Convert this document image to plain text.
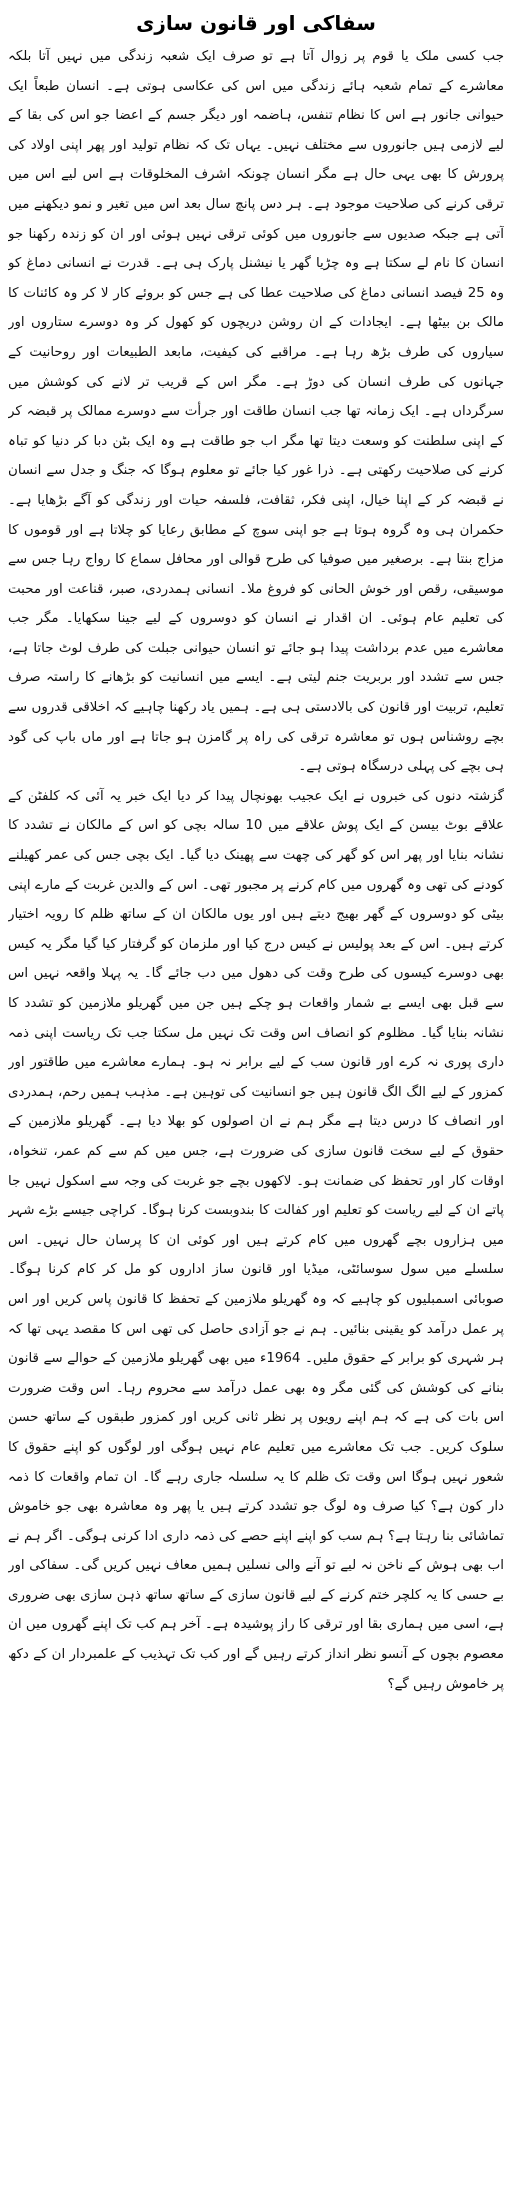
سفاکی اور قانون سازی

جب کسی ملک یا قوم پر زوال آتا ہے تو صرف ایک شعبہ زندگی میں نہیں آتا بلکہ معاشرے کے تمام شعبہ ہائے زندگی میں اس کی عکاسی ہوتی ہے۔ انسان طبعاً ایک حیوانی جانور ہے اس کا نظام تنفس، ہاضمہ اور دیگر جسم کے اعضا جو اس کی بقا کے لیے لازمی ہیں جانوروں سے مختلف نہیں۔ یہاں تک کہ نظام تولید اور پھر اپنی اولاد کی پرورش کا بھی یہی حال ہے مگر انسان چونکہ اشرف المخلوقات ہے اس لیے اس میں ترقی کرنے کی صلاحیت موجود ہے۔ ہر دس پانچ سال بعد اس میں تغیر و نمو دیکھنے میں آتی ہے جبکہ صدیوں سے جانوروں میں کوئی ترقی نہیں ہوئی اور ان کو زندہ رکھنا جو انسان کا نام لے سکتا ہے وہ چڑیا گھر یا نیشنل پارک ہی ہے۔ قدرت نے انسانی دماغ کو وہ 25 فیصد انسانی دماغ کی صلاحیت عطا کی ہے جس کو بروئے کار لا کر وہ کائنات کا مالک بن بیٹھا ہے۔ ایجادات کے ان روشن دریچوں کو کھول کر وہ دوسرے ستاروں اور سیاروں کی طرف بڑھ رہا ہے۔ مراقبے کی کیفیت، مابعد الطبیعات اور روحانیت کے جہانوں کی طرف انسان کی دوڑ ہے۔ مگر اس کے قریب تر لانے کی کوشش میں سرگرداں ہے۔ ایک زمانہ تھا جب انسان طاقت اور جرأت سے دوسرے ممالک پر قبضہ کر کے اپنی سلطنت کو وسعت دیتا تھا مگر اب جو طاقت ہے وہ ایک بٹن دبا کر دنیا کو تباہ کرنے کی صلاحیت رکھتی ہے۔ ذرا غور کیا جائے تو معلوم ہوگا کہ جنگ و جدل سے انسان نے قبضہ کر کے اپنا خیال، اپنی فکر، ثقافت، فلسفہ حیات اور زندگی کو آگے بڑھایا ہے۔ حکمران ہی وہ گروہ ہوتا ہے جو اپنی سوچ کے مطابق رعایا کو چلاتا ہے اور قوموں کا مزاج بنتا ہے۔ برصغیر میں صوفیا کی طرح قوالی اور محافل سماع کا رواج رہا جس سے موسیقی، رقص اور خوش الحانی کو فروغ ملا۔ انسانی ہمدردی، صبر، قناعت اور محبت کی تعلیم عام ہوئی۔ ان اقدار نے انسان کو دوسروں کے لیے جینا سکھایا۔ مگر جب معاشرے میں عدم برداشت پیدا ہو جائے تو انسان حیوانی جبلت کی طرف لوٹ جاتا ہے، جس سے تشدد اور بربریت جنم لیتی ہے۔ ایسے میں انسانیت کو بڑھانے کا راستہ صرف تعلیم، تربیت اور قانون کی بالادستی ہی ہے۔ ہمیں یاد رکھنا چاہیے کہ اخلاقی قدروں سے بچے روشناس ہوں تو معاشرہ ترقی کی راہ پر گامزن ہو جاتا ہے اور ماں باپ کی گود ہی بچے کی پہلی درسگاہ ہوتی ہے۔

گزشتہ دنوں کی خبروں نے ایک عجیب بھونچال پیدا کر دیا ایک خبر یہ آئی کہ کلفٹن کے علاقے بوٹ بیسن کے ایک پوش علاقے میں 10 سالہ بچی کو اس کے مالکان نے تشدد کا نشانہ بنایا اور پھر اس کو گھر کی چھت سے پھینک دیا گیا۔ ایک بچی جس کی عمر کھیلنے کودنے کی تھی وہ گھروں میں کام کرنے پر مجبور تھی۔ اس کے والدین غربت کے مارے اپنی بیٹی کو دوسروں کے گھر بھیج دیتے ہیں اور یوں مالکان ان کے ساتھ ظلم کا رویہ اختیار کرتے ہیں۔ اس کے بعد پولیس نے کیس درج کیا اور ملزمان کو گرفتار کیا گیا مگر یہ کیس بھی دوسرے کیسوں کی طرح وقت کی دھول میں دب جائے گا۔ یہ پہلا واقعہ نہیں اس سے قبل بھی ایسے بے شمار واقعات ہو چکے ہیں جن میں گھریلو ملازمین کو تشدد کا نشانہ بنایا گیا۔ مظلوم کو انصاف اس وقت تک نہیں مل سکتا جب تک ریاست اپنی ذمہ داری پوری نہ کرے اور قانون سب کے لیے برابر نہ ہو۔ ہمارے معاشرے میں طاقتور اور کمزور کے لیے الگ الگ قانون ہیں جو انسانیت کی توہین ہے۔ مذہب ہمیں رحم، ہمدردی اور انصاف کا درس دیتا ہے مگر ہم نے ان اصولوں کو بھلا دیا ہے۔ گھریلو ملازمین کے حقوق کے لیے سخت قانون سازی کی ضرورت ہے، جس میں کم سے کم عمر، تنخواہ، اوقات کار اور تحفظ کی ضمانت ہو۔ لاکھوں بچے جو غربت کی وجہ سے اسکول نہیں جا پاتے ان کے لیے ریاست کو تعلیم اور کفالت کا بندوبست کرنا ہوگا۔ کراچی جیسے بڑے شہر میں ہزاروں بچے گھروں میں کام کرتے ہیں اور کوئی ان کا پرسان حال نہیں۔ اس سلسلے میں سول سوسائٹی، میڈیا اور قانون ساز اداروں کو مل کر کام کرنا ہوگا۔ صوبائی اسمبلیوں کو چاہیے کہ وہ گھریلو ملازمین کے تحفظ کا قانون پاس کریں اور اس پر عمل درآمد کو یقینی بنائیں۔ ہم نے جو آزادی حاصل کی تھی اس کا مقصد یہی تھا کہ ہر شہری کو برابر کے حقوق ملیں۔ 1964ء میں بھی گھریلو ملازمین کے حوالے سے قانون بنانے کی کوشش کی گئی مگر وہ بھی عمل درآمد سے محروم رہا۔ اس وقت ضرورت اس بات کی ہے کہ ہم اپنے رویوں پر نظر ثانی کریں اور کمزور طبقوں کے ساتھ حسن سلوک کریں۔ جب تک معاشرے میں تعلیم عام نہیں ہوگی اور لوگوں کو اپنے حقوق کا شعور نہیں ہوگا اس وقت تک ظلم کا یہ سلسلہ جاری رہے گا۔ ان تمام واقعات کا ذمہ دار کون ہے؟ کیا صرف وہ لوگ جو تشدد کرتے ہیں یا پھر وہ معاشرہ بھی جو خاموش تماشائی بنا رہتا ہے؟ ہم سب کو اپنے اپنے حصے کی ذمہ داری ادا کرنی ہوگی۔ اگر ہم نے اب بھی ہوش کے ناخن نہ لیے تو آنے والی نسلیں ہمیں معاف نہیں کریں گی۔ سفاکی اور بے حسی کا یہ کلچر ختم کرنے کے لیے قانون سازی کے ساتھ ساتھ ذہن سازی بھی ضروری ہے، اسی میں ہماری بقا اور ترقی کا راز پوشیدہ ہے۔ آخر ہم کب تک اپنے گھروں میں ان معصوم بچوں کے آنسو نظر انداز کرتے رہیں گے اور کب تک تہذیب کے علمبردار ان کے دکھ پر خاموش رہیں گے؟
